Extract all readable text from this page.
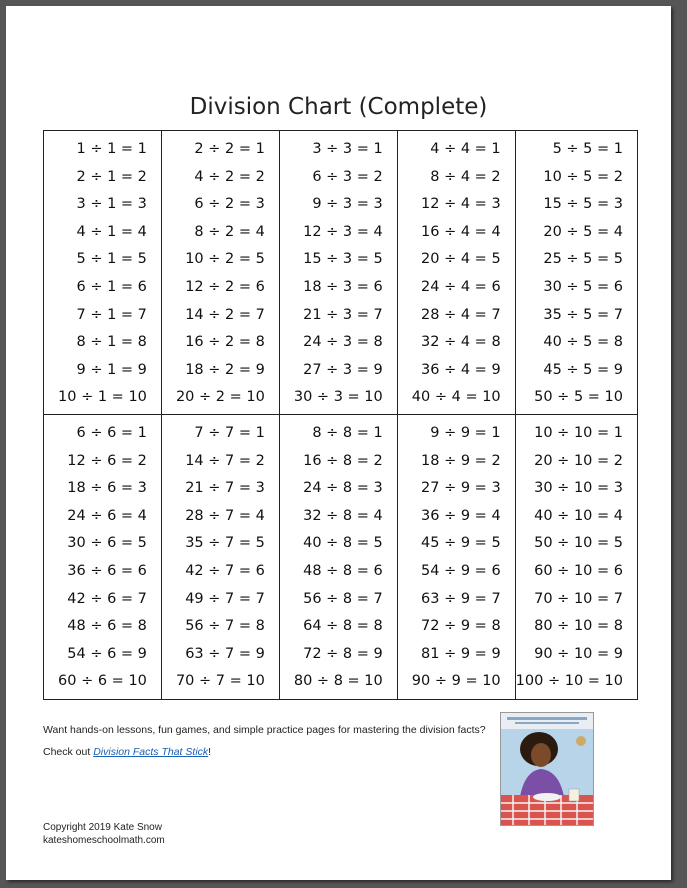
Division Chart (Complete)
1 ÷ 1 = 1
2 ÷ 1 = 2
3 ÷ 1 = 3
4 ÷ 1 = 4
5 ÷ 1 = 5
6 ÷ 1 = 6
7 ÷ 1 = 7
8 ÷ 1 = 8
9 ÷ 1 = 9
10 ÷ 1 = 10
2 ÷ 2 = 1
4 ÷ 2 = 2
6 ÷ 2 = 3
8 ÷ 2 = 4
10 ÷ 2 = 5
12 ÷ 2 = 6
14 ÷ 2 = 7
16 ÷ 2 = 8
18 ÷ 2 = 9
20 ÷ 2 = 10
3 ÷ 3 = 1
6 ÷ 3 = 2
9 ÷ 3 = 3
12 ÷ 3 = 4
15 ÷ 3 = 5
18 ÷ 3 = 6
21 ÷ 3 = 7
24 ÷ 3 = 8
27 ÷ 3 = 9
30 ÷ 3 = 10
4 ÷ 4 = 1
8 ÷ 4 = 2
12 ÷ 4 = 3
16 ÷ 4 = 4
20 ÷ 4 = 5
24 ÷ 4 = 6
28 ÷ 4 = 7
32 ÷ 4 = 8
36 ÷ 4 = 9
40 ÷ 4 = 10
5 ÷ 5 = 1
10 ÷ 5 = 2
15 ÷ 5 = 3
20 ÷ 5 = 4
25 ÷ 5 = 5
30 ÷ 5 = 6
35 ÷ 5 = 7
40 ÷ 5 = 8
45 ÷ 5 = 9
50 ÷ 5 = 10
6 ÷ 6 = 1
12 ÷ 6 = 2
18 ÷ 6 = 3
24 ÷ 6 = 4
30 ÷ 6 = 5
36 ÷ 6 = 6
42 ÷ 6 = 7
48 ÷ 6 = 8
54 ÷ 6 = 9
60 ÷ 6 = 10
7 ÷ 7 = 1
14 ÷ 7 = 2
21 ÷ 7 = 3
28 ÷ 7 = 4
35 ÷ 7 = 5
42 ÷ 7 = 6
49 ÷ 7 = 7
56 ÷ 7 = 8
63 ÷ 7 = 9
70 ÷ 7 = 10
8 ÷ 8 = 1
16 ÷ 8 = 2
24 ÷ 8 = 3
32 ÷ 8 = 4
40 ÷ 8 = 5
48 ÷ 8 = 6
56 ÷ 8 = 7
64 ÷ 8 = 8
72 ÷ 8 = 9
80 ÷ 8 = 10
9 ÷ 9 = 1
18 ÷ 9 = 2
27 ÷ 9 = 3
36 ÷ 9 = 4
45 ÷ 9 = 5
54 ÷ 9 = 6
63 ÷ 9 = 7
72 ÷ 9 = 8
81 ÷ 9 = 9
90 ÷ 9 = 10
10 ÷ 10 = 1
20 ÷ 10 = 2
30 ÷ 10 = 3
40 ÷ 10 = 4
50 ÷ 10 = 5
60 ÷ 10 = 6
70 ÷ 10 = 7
80 ÷ 10 = 8
90 ÷ 10 = 9
100 ÷ 10 = 10

Want hands-on lessons, fun games, and simple practice pages for mastering the division facts?

Check out Division Facts That Stick!

Copyright 2019 Kate Snow
kateshomeschoolmath.com
